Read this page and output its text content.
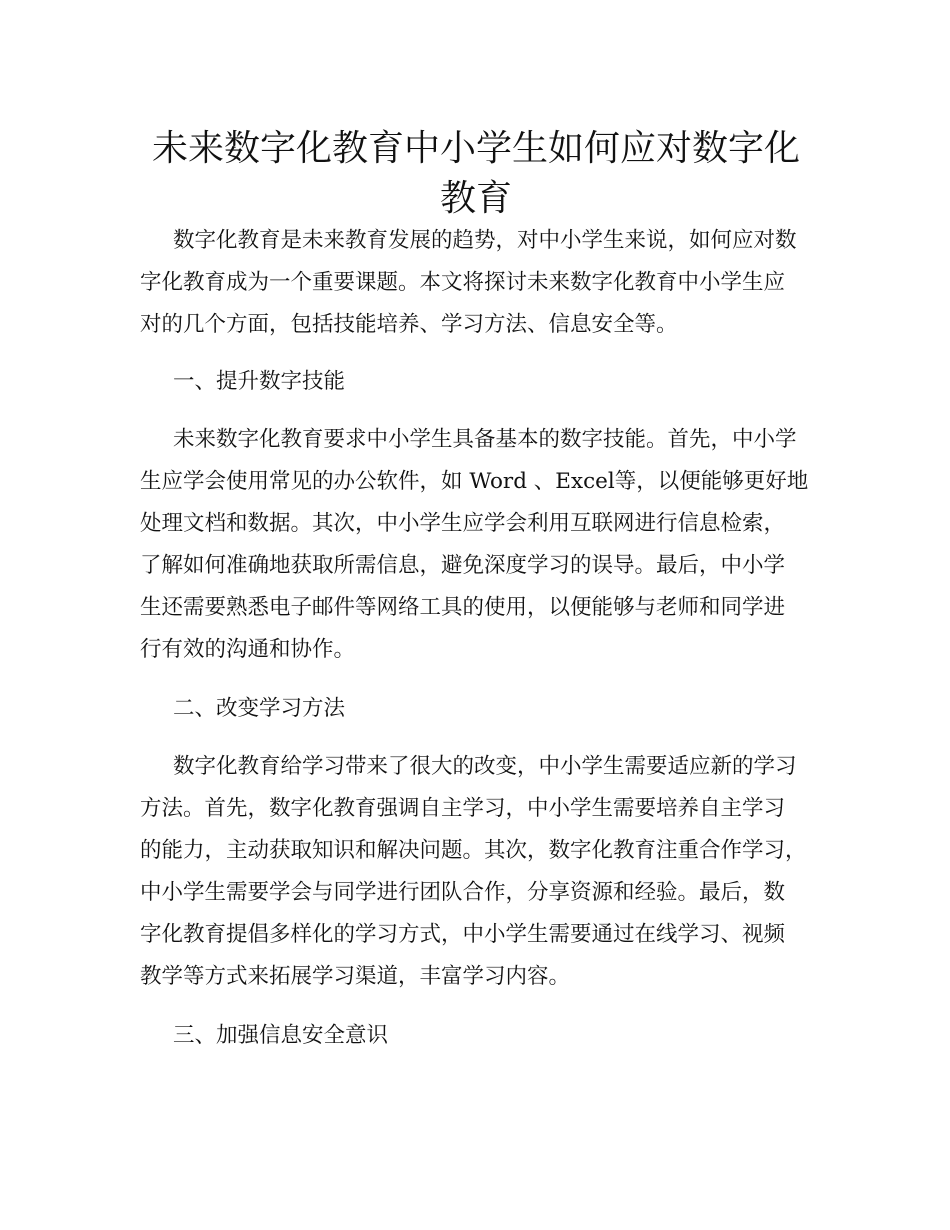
未来数字化教育中小学生如何应对数字化教育
数字化教育是未来教育发展的趋势，对中小学生来说，如何应对数
字化教育成为一个重要课题。本文将探讨未来数字化教育中小学生应
对的几个方面，包括技能培养、学习方法、信息安全等。
一、提升数字技能
未来数字化教育要求中小学生具备基本的数字技能。首先，中小学
生应学会使用常见的办公软件，如 Word 、Excel等，以便能够更好地
处理文档和数据。其次，中小学生应学会利用互联网进行信息检索，
了解如何准确地获取所需信息，避免深度学习的误导。最后，中小学
生还需要熟悉电子邮件等网络工具的使用，以便能够与老师和同学进
行有效的沟通和协作。
二、改变学习方法
数字化教育给学习带来了很大的改变，中小学生需要适应新的学习
方法。首先，数字化教育强调自主学习，中小学生需要培养自主学习
的能力，主动获取知识和解决问题。其次，数字化教育注重合作学习，
中小学生需要学会与同学进行团队合作，分享资源和经验。最后，数
字化教育提倡多样化的学习方式，中小学生需要通过在线学习、视频
教学等方式来拓展学习渠道，丰富学习内容。
三、加强信息安全意识
